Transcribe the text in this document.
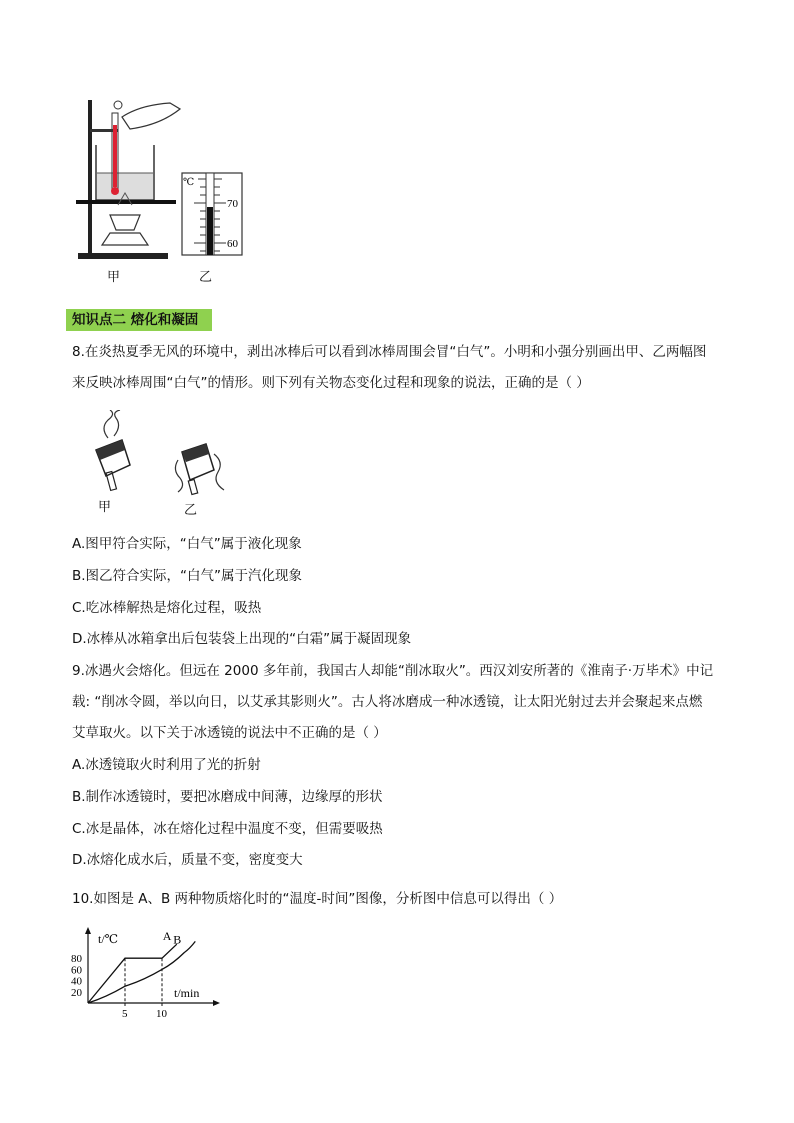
℃
70
60
甲	乙
知识点二 熔化和凝固
8.在炎热夏季无风的环境中，剥出冰棒后可以看到冰棒周围会冒“白气”。小明和小强分别画出甲、乙两幅图
来反映冰棒周围“白气”的情形。则下列有关物态变化过程和现象的说法，正确的是（ ）
甲	乙
A.图甲符合实际，“白气”属于液化现象
B.图乙符合实际，“白气”属于汽化现象
C.吃冰棒解热是熔化过程，吸热
D.冰棒从冰箱拿出后包装袋上出现的“白霜”属于凝固现象
9.冰遇火会熔化。但远在 2000 多年前，我国古人却能“削冰取火”。西汉刘安所著的《淮南子·万毕术》中记
载: “削冰令圆，举以向日，以艾承其影则火”。古人将冰磨成一种冰透镜，让太阳光射过去并会聚起来点燃
艾草取火。以下关于冰透镜的说法中不正确的是（ ）
A.冰透镜取火时利用了光的折射
B.制作冰透镜时，要把冰磨成中间薄，边缘厚的形状
C.冰是晶体，冰在熔化过程中温度不变，但需要吸热
D.冰熔化成水后，质量不变，密度变大
10.如图是 A、B 两种物质熔化时的“温度-时间”图像，分析图中信息可以得出（ ）
t/℃
t/min
80
60
40
20
5	10
A B
